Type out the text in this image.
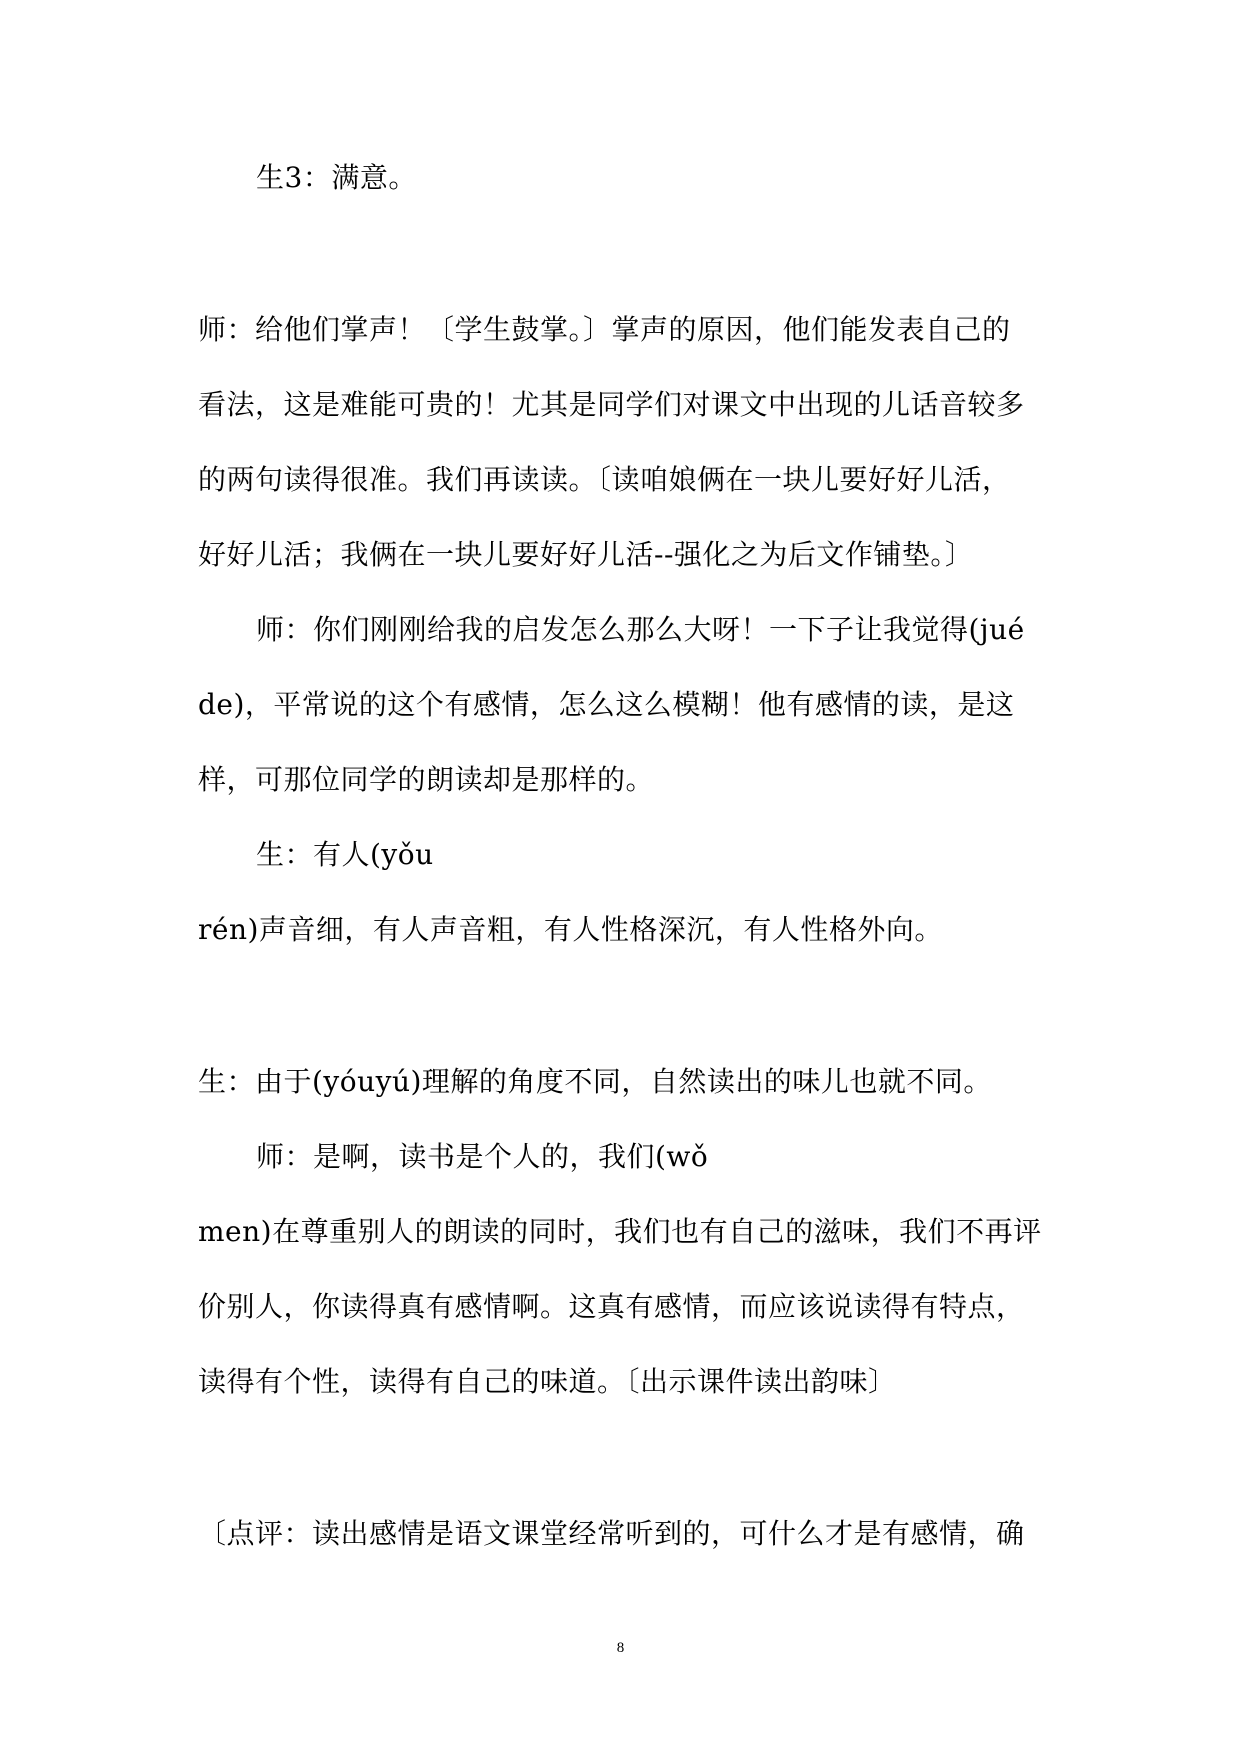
生3：满意。
师：给他们掌声！〔学生鼓掌。〕掌声的原因，他们能发表自己的
看法，这是难能可贵的！尤其是同学们对课文中出现的儿话音较多
的两句读得很准。我们再读读。〔读咱娘俩在一块儿要好好儿活，
好好儿活；我俩在一块儿要好好儿活--强化之为后文作铺垫。〕
师：你们刚刚给我的启发怎么那么大呀！一下子让我觉得(jué
de)，平常说的这个有感情，怎么这么模糊！他有感情的读，是这
样，可那位同学的朗读却是那样的。
生：有人(yǒu
rén)声音细，有人声音粗，有人性格深沉，有人性格外向。
生：由于(yóuyú)理解的角度不同，自然读出的味儿也就不同。
师：是啊，读书是个人的，我们(wǒ
men)在尊重别人的朗读的同时，我们也有自己的滋味，我们不再评
价别人，你读得真有感情啊。这真有感情，而应该说读得有特点，
读得有个性，读得有自己的味道。〔出示课件读出韵味〕
〔点评：读出感情是语文课堂经常听到的，可什么才是有感情，确
8
